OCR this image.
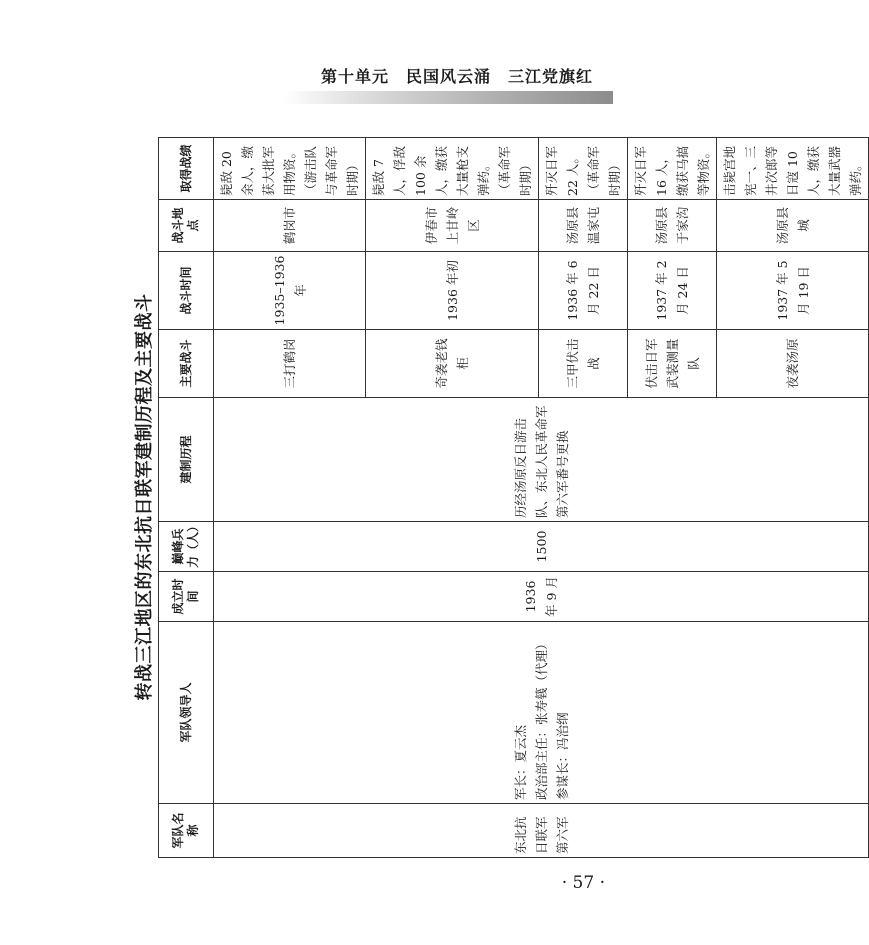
第十单元　民国风云涌　三江党旗红
转战三江地区的东北抗日联军建制历程及主要战斗
军队名称	军队领导人	成立时间	巅峰兵力（人）	建制历程	主要战斗	战斗时间	战斗地点	取得战绩
东北抗日联军第六军	军长：夏云杰 政治部主任：张寿篯（代理） 参谋长：冯治纲	1936 年 9 月	1500	历经汤原反日游击队、东北人民革命军第六军番号更换	三打鹤岗	1935–1936 年	鹤岗市	毙敌 20 余人，缴获大批军用物资。（游击队与革命军时期）
					奇袭老钱柜	1936 年初	伊春市上甘岭区	毙敌 7 人，俘敌 100 余人，缴获大量枪支弹药。（革命军时期）
					三甲伏击战	1936 年 6 月 22 日	汤原县温家屯	歼灭日军 22 人。（革命军时期）
					伏击日军武装测量队	1937 年 2 月 24 日	汤原县于家沟	歼灭日军 16 人，缴获马搞等物资。
					夜袭汤原	1937 年 5 月 19 日	汤原县城	击毙宫地宪一、三井次郎等日寇 10 人，缴获大量武器弹药。
· 57 ·
